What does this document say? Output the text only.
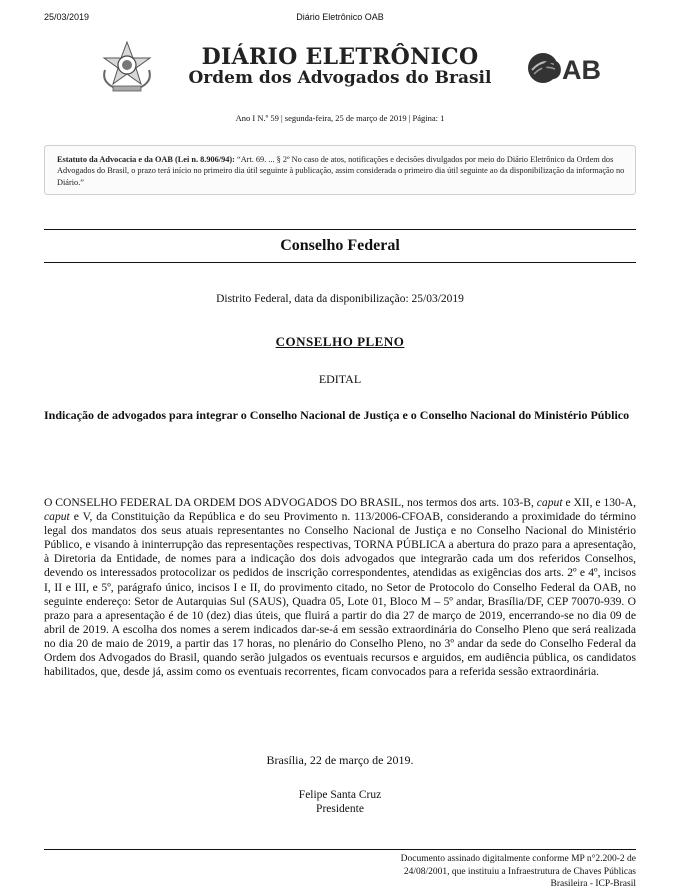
25/03/2019	Diário Eletrônico OAB
DIÁRIO ELETRÔNICO
Ordem dos Advogados do Brasil	OAB
Ano I N.º 59 | segunda-feira, 25 de março de 2019 | Página: 1
Estatuto da Advocacia e da OAB (Lei n. 8.906/94): “Art. 69. ... § 2º No caso de atos, notificações e decisões divulgados por meio do Diário Eletrônico da Ordem dos Advogados do Brasil, o prazo terá início no primeiro dia útil seguinte à publicação, assim considerada o primeiro dia útil seguinte ao da disponibilização da informação no Diário.”
Conselho Federal
Distrito Federal, data da disponibilização: 25/03/2019
CONSELHO PLENO
EDITAL
Indicação de advogados para integrar o Conselho Nacional de Justiça e o Conselho Nacional do Ministério Público
O CONSELHO FEDERAL DA ORDEM DOS ADVOGADOS DO BRASIL, nos termos dos arts. 103-B, caput e XII, e 130-A, caput e V, da Constituição da República e do seu Provimento n. 113/2006-CFOAB, considerando a proximidade do término legal dos mandatos dos seus atuais representantes no Conselho Nacional de Justiça e no Conselho Nacional do Ministério Público, e visando à ininterrupção das representações respectivas, TORNA PÚBLICA a abertura do prazo para a apresentação, à Diretoria da Entidade, de nomes para a indicação dos dois advogados que integrarão cada um dos referidos Conselhos, devendo os interessados protocolizar os pedidos de inscrição correspondentes, atendidas as exigências dos arts. 2º e 4º, incisos I, II e III, e 5º, parágrafo único, incisos I e II, do provimento citado, no Setor de Protocolo do Conselho Federal da OAB, no seguinte endereço: Setor de Autarquias Sul (SAUS), Quadra 05, Lote 01, Bloco M – 5º andar, Brasília/DF, CEP 70070-939. O prazo para a apresentação é de 10 (dez) dias úteis, que fluirá a partir do dia 27 de março de 2019, encerrando-se no dia 09 de abril de 2019. A escolha dos nomes a serem indicados dar-se-á em sessão extraordinária do Conselho Pleno que será realizada no dia 20 de maio de 2019, a partir das 17 horas, no plenário do Conselho Pleno, no 3º andar da sede do Conselho Federal da Ordem dos Advogados do Brasil, quando serão julgados os eventuais recursos e arguidos, em audiência pública, os candidatos habilitados, que, desde já, assim como os eventuais recorrentes, ficam convocados para a referida sessão extraordinária.
Brasília, 22 de março de 2019.
Felipe Santa Cruz
Presidente
Documento assinado digitalmente conforme MP n°2.200-2 de
24/08/2001, que instituiu a Infraestrutura de Chaves Públicas
Brasileira - ICP-Brasil
